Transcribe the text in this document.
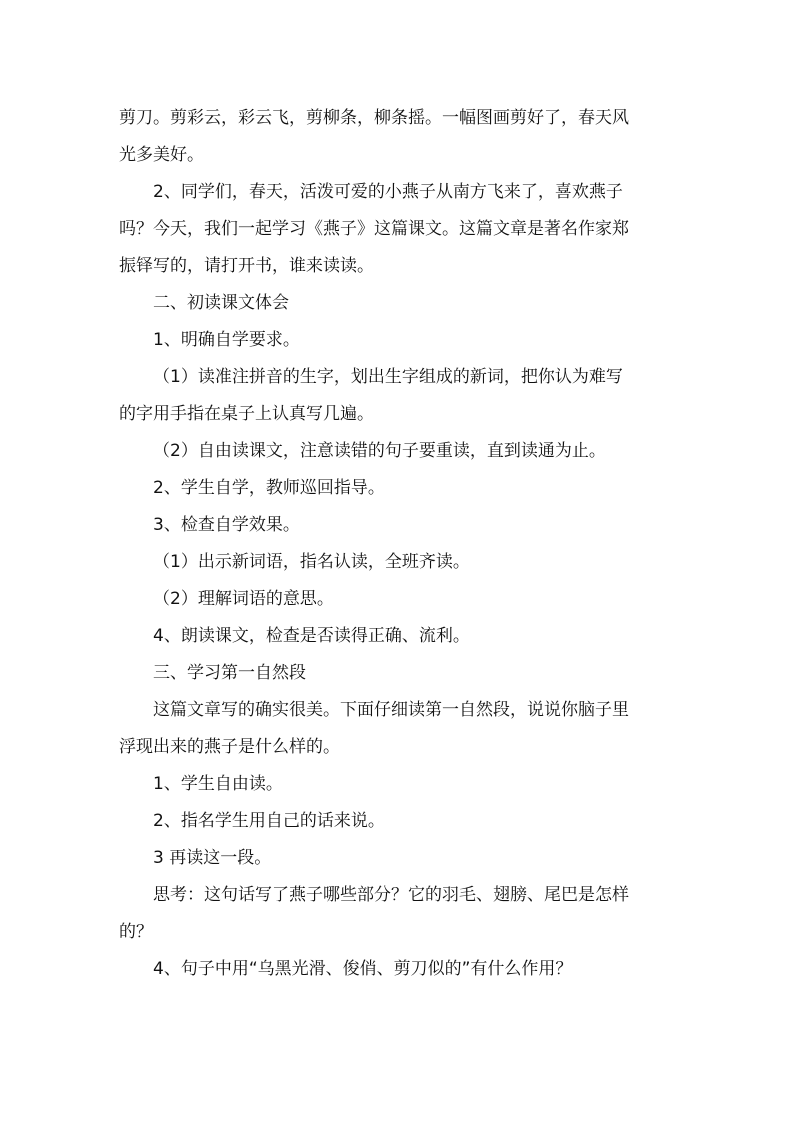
剪刀。剪彩云，彩云飞，剪柳条，柳条摇。一幅图画剪好了，春天风
光多美好。
2、同学们，春天，活泼可爱的小燕子从南方飞来了，喜欢燕子
吗？今天，我们一起学习《燕子》这篇课文。这篇文章是著名作家郑
振铎写的，请打开书，谁来读读。
二、初读课文体会
1、明确自学要求。
（1）读准注拼音的生字，划出生字组成的新词，把你认为难写
的字用手指在桌子上认真写几遍。
（2）自由读课文，注意读错的句子要重读，直到读通为止。
2、学生自学，教师巡回指导。
3、检查自学效果。
（1）出示新词语，指名认读，全班齐读。
（2）理解词语的意思。
4、朗读课文，检查是否读得正确、流利。
三、学习第一自然段
这篇文章写的确实很美。下面仔细读第一自然段，说说你脑子里
浮现出来的燕子是什么样的。
1、学生自由读。
2、指名学生用自己的话来说。
3 再读这一段。
思考：这句话写了燕子哪些部分？它的羽毛、翅膀、尾巴是怎样
的？
4、句子中用“乌黑光滑、俊俏、剪刀似的”有什么作用？
